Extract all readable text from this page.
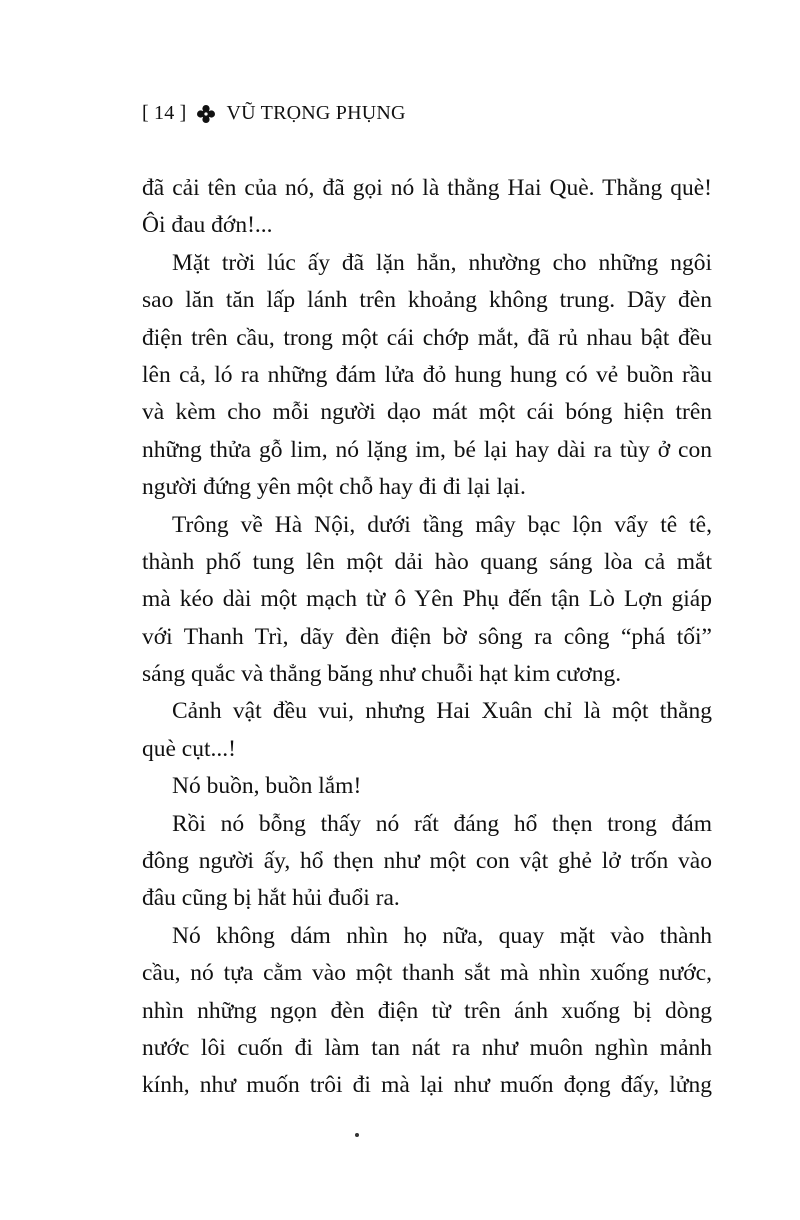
[ 14 ] VŨ TRỌNG PHỤNG
đã cải tên của nó, đã gọi nó là thằng Hai Què. Thằng què!
Ôi đau đớn!...
Mặt trời lúc ấy đã lặn hẳn, nhường cho những ngôi
sao lăn tăn lấp lánh trên khoảng không trung. Dãy đèn
điện trên cầu, trong một cái chớp mắt, đã rủ nhau bật đều
lên cả, ló ra những đám lửa đỏ hung hung có vẻ buồn rầu
và kèm cho mỗi người dạo mát một cái bóng hiện trên
những thửa gỗ lim, nó lặng im, bé lại hay dài ra tùy ở con
người đứng yên một chỗ hay đi đi lại lại.
Trông về Hà Nội, dưới tầng mây bạc lộn vẩy tê tê,
thành phố tung lên một dải hào quang sáng lòa cả mắt
mà kéo dài một mạch từ ô Yên Phụ đến tận Lò Lợn giáp
với Thanh Trì, dãy đèn điện bờ sông ra công “phá tối”
sáng quắc và thẳng băng như chuỗi hạt kim cương.
Cảnh vật đều vui, nhưng Hai Xuân chỉ là một thằng
què cụt...!
Nó buồn, buồn lắm!
Rồi nó bỗng thấy nó rất đáng hổ thẹn trong đám
đông người ấy, hổ thẹn như một con vật ghẻ lở trốn vào
đâu cũng bị hắt hủi đuổi ra.
Nó không dám nhìn họ nữa, quay mặt vào thành
cầu, nó tựa cằm vào một thanh sắt mà nhìn xuống nước,
nhìn những ngọn đèn điện từ trên ánh xuống bị dòng
nước lôi cuốn đi làm tan nát ra như muôn nghìn mảnh
kính, như muốn trôi đi mà lại như muốn đọng đấy, lửng
